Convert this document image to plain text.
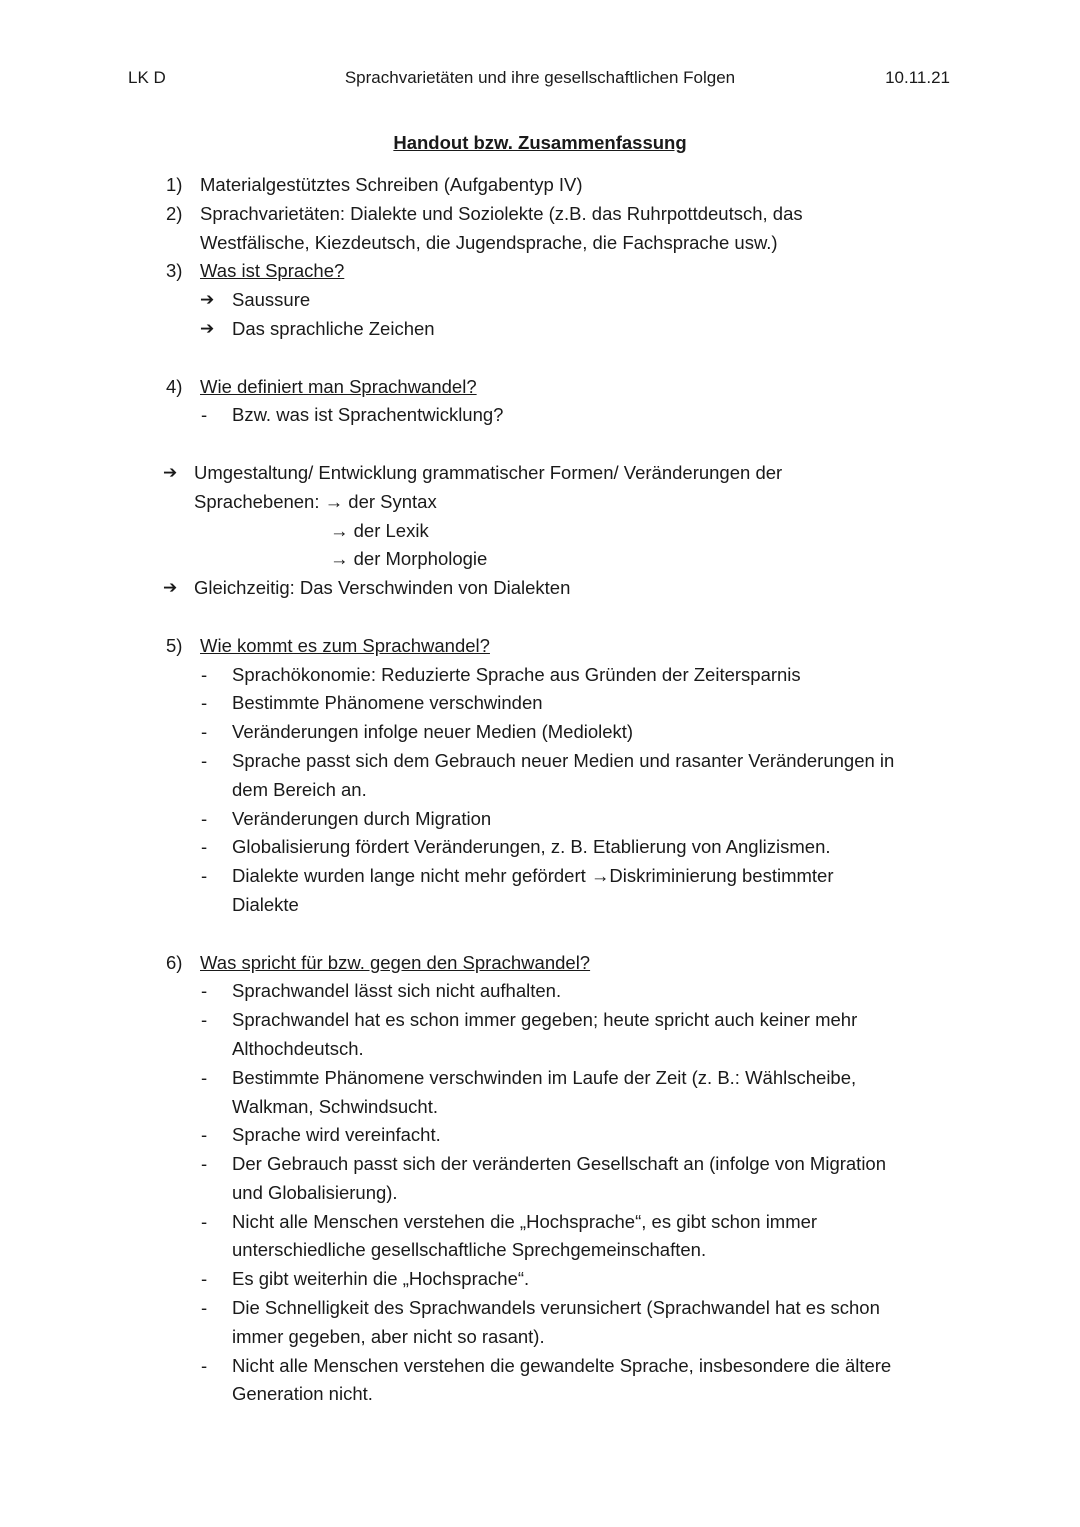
LK D	Sprachvarietäten und ihre gesellschaftlichen Folgen	10.11.21
Handout bzw. Zusammenfassung
1) Materialgestütztes Schreiben (Aufgabentyp IV)
2) Sprachvarietäten: Dialekte und Soziolekte (z.B. das Ruhrpottdeutsch, das
Westfälische, Kiezdeutsch, die Jugendsprache, die Fachsprache usw.)
3) Was ist Sprache?
➔ Saussure
➔ Das sprachliche Zeichen
4) Wie definiert man Sprachwandel?
-	Bzw. was ist Sprachentwicklung?
➔ Umgestaltung/ Entwicklung grammatischer Formen/ Veränderungen der
Sprachebenen: → der Syntax
→ der Lexik
→ der Morphologie
➔ Gleichzeitig: Das Verschwinden von Dialekten
5) Wie kommt es zum Sprachwandel?
-	Sprachökonomie: Reduzierte Sprache aus Gründen der Zeitersparnis
-	Bestimmte Phänomene verschwinden
-	Veränderungen infolge neuer Medien (Mediolekt)
-	Sprache passt sich dem Gebrauch neuer Medien und rasanter Veränderungen in
dem Bereich an.
-	Veränderungen durch Migration
-	Globalisierung fördert Veränderungen, z. B. Etablierung von Anglizismen.
-	Dialekte wurden lange nicht mehr gefördert →Diskriminierung bestimmter
Dialekte
6) Was spricht für bzw. gegen den Sprachwandel?
-	Sprachwandel lässt sich nicht aufhalten.
-	Sprachwandel hat es schon immer gegeben; heute spricht auch keiner mehr
Althochdeutsch.
-	Bestimmte Phänomene verschwinden im Laufe der Zeit (z. B.: Wählscheibe,
Walkman, Schwindsucht.
-	Sprache wird vereinfacht.
-	Der Gebrauch passt sich der veränderten Gesellschaft an (infolge von Migration
und Globalisierung).
-	Nicht alle Menschen verstehen die „Hochsprache“, es gibt schon immer
unterschiedliche gesellschaftliche Sprechgemeinschaften.
-	Es gibt weiterhin die „Hochsprache“.
-	Die Schnelligkeit des Sprachwandels verunsichert (Sprachwandel hat es schon
immer gegeben, aber nicht so rasant).
-	Nicht alle Menschen verstehen die gewandelte Sprache, insbesondere die ältere
Generation nicht.
